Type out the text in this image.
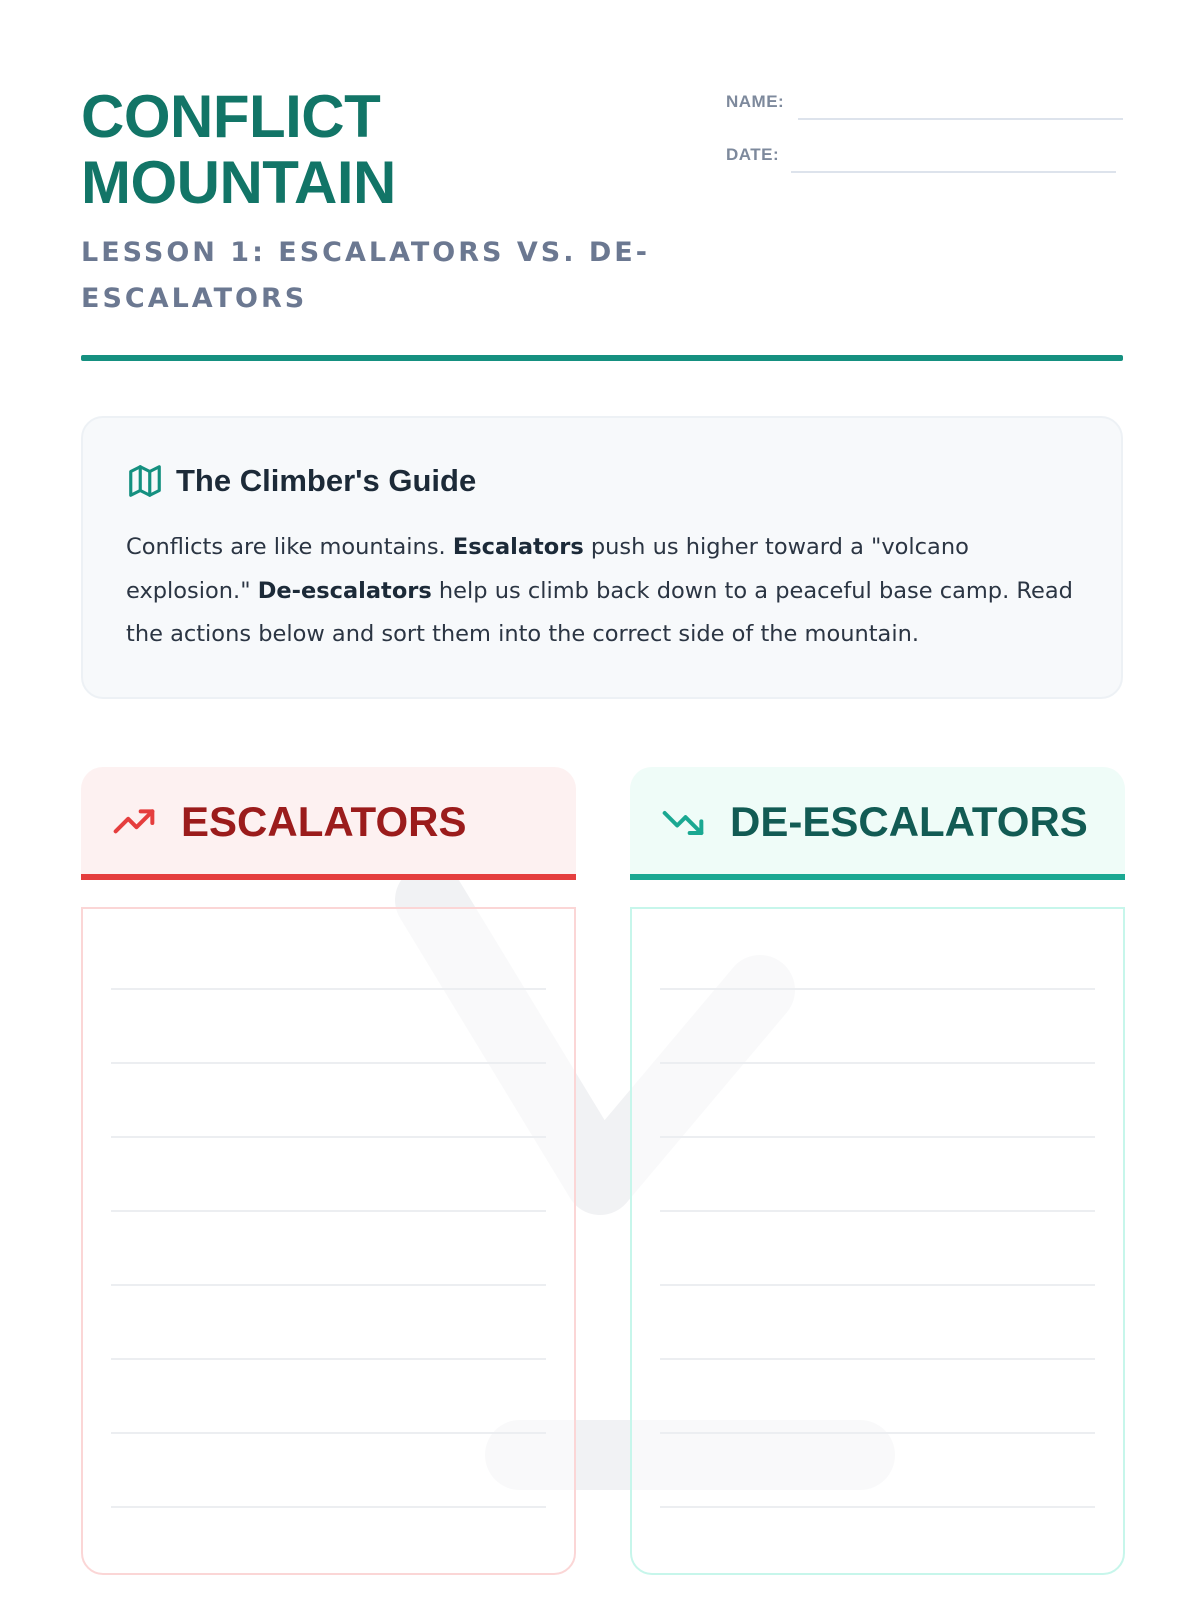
CONFLICT
MOUNTAIN
LESSON 1: ESCALATORS VS. DE-ESCALATORS
NAME:
DATE:
The Climber's Guide

Conflicts are like mountains. Escalators push us higher toward a "volcano explosion." De-escalators help us climb back down to a peaceful base camp. Read the actions below and sort them into the correct side of the mountain.

ESCALATORS	DE-ESCALATORS
